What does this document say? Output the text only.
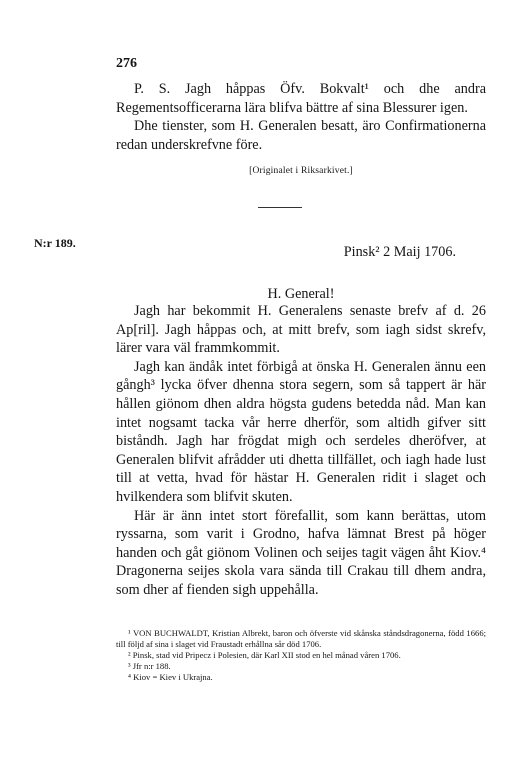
276

P. S. Jagh håppas Öfv. Bokvalt¹ och dhe andra Regementsofficerarna lära blifva bättre af sina Blessurer igen.

Dhe tienster, som H. Generalen besatt, äro Confirmationerna redan underskrefvne före.

[Originalet i Riksarkivet.]
N:r 189.
Pinsk² 2 Maij 1706.
H. General!

Jagh har bekommit H. Generalens senaste brefv af d. 26 Ap[ril]. Jagh håppas och, at mitt brefv, som iagh sidst skrefv, lärer vara väl frammkommit.

Jagh kan ändåk intet förbigå at önska H. Generalen ännu een gångh³ lycka öfver dhenna stora segern, som så tappert är här hållen giönom dhen aldra högsta gudens betedda nåd. Man kan intet nogsamt tacka vår herre dherför, som altidh gifver sitt biståndh. Jagh har frögdat migh och serdeles dheröfver, at Generalen blifvit afrådder uti dhetta tillfället, och iagh hade lust till at vetta, hvad för hästar H. Generalen ridit i slaget och hvilkendera som blifvit skuten.

Här är änn intet stort förefallit, som kann berättas, utom ryssarna, som varit i Grodno, hafva lämnat Brest på höger handen och gåt giönom Volinen och seijes tagit vägen åht Kiov.⁴ Dragonerna seijes skola vara sända till Crakau till dhem andra, som dher af fienden sigh uppehålla.

¹ VON BUCHWALDT, Kristian Albrekt, baron och öfverste vid skånska ståndsdragonerna, född 1666; till följd af sina i slaget vid Fraustadt erhållna sår död 1706.

² Pinsk, stad vid Pripecz i Polesien, där Karl XII stod en hel månad våren 1706.

³ Jfr n:r 188.

⁴ Kiov = Kiev i Ukrajna.
